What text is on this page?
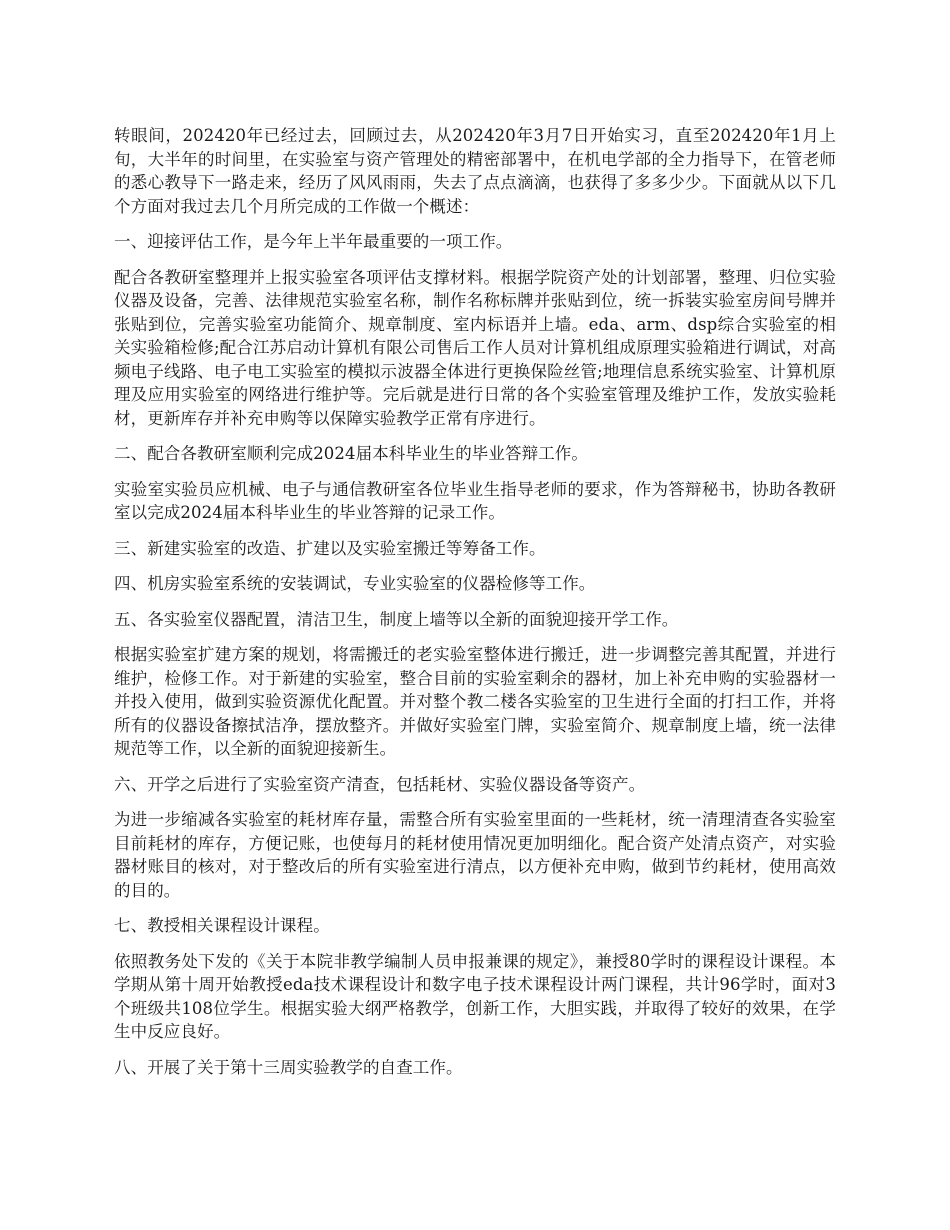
转眼间，202420年已经过去，回顾过去，从202420年3月7日开始实习，直至202420年1月上旬，大半年的时间里，在实验室与资产管理处的精密部署中，在机电学部的全力指导下，在管老师的悉心教导下一路走来，经历了风风雨雨，失去了点点滴滴，也获得了多多少少。下面就从以下几个方面对我过去几个月所完成的工作做一个概述：

一、迎接评估工作，是今年上半年最重要的一项工作。

配合各教研室整理并上报实验室各项评估支撑材料。根据学院资产处的计划部署，整理、归位实验仪器及设备，完善、法律规范实验室名称，制作名称标牌并张贴到位，统一拆装实验室房间号牌并张贴到位，完善实验室功能简介、规章制度、室内标语并上墙。eda、arm、dsp综合实验室的相关实验箱检修;配合江苏启动计算机有限公司售后工作人员对计算机组成原理实验箱进行调试，对高频电子线路、电子电工实验室的模拟示波器全体进行更换保险丝管;地理信息系统实验室、计算机原理及应用实验室的网络进行维护等。完后就是进行日常的各个实验室管理及维护工作，发放实验耗材，更新库存并补充申购等以保障实验教学正常有序进行。

二、配合各教研室顺利完成2024届本科毕业生的毕业答辩工作。

实验室实验员应机械、电子与通信教研室各位毕业生指导老师的要求，作为答辩秘书，协助各教研室以完成2024届本科毕业生的毕业答辩的记录工作。

三、新建实验室的改造、扩建以及实验室搬迁等筹备工作。

四、机房实验室系统的安装调试，专业实验室的仪器检修等工作。

五、各实验室仪器配置，清洁卫生，制度上墙等以全新的面貌迎接开学工作。

根据实验室扩建方案的规划，将需搬迁的老实验室整体进行搬迁，进一步调整完善其配置，并进行维护，检修工作。对于新建的实验室，整合目前的实验室剩余的器材，加上补充申购的实验器材一并投入使用，做到实验资源优化配置。并对整个教二楼各实验室的卫生进行全面的打扫工作，并将所有的仪器设备擦拭洁净，摆放整齐。并做好实验室门牌，实验室简介、规章制度上墙，统一法律规范等工作，以全新的面貌迎接新生。

六、开学之后进行了实验室资产清查，包括耗材、实验仪器设备等资产。

为进一步缩减各实验室的耗材库存量，需整合所有实验室里面的一些耗材，统一清理清查各实验室目前耗材的库存，方便记账，也使每月的耗材使用情况更加明细化。配合资产处清点资产，对实验器材账目的核对，对于整改后的所有实验室进行清点，以方便补充申购，做到节约耗材，使用高效的目的。

七、教授相关课程设计课程。

依照教务处下发的《关于本院非教学编制人员申报兼课的规定》，兼授80学时的课程设计课程。本学期从第十周开始教授eda技术课程设计和数字电子技术课程设计两门课程，共计96学时，面对3个班级共108位学生。根据实验大纲严格教学，创新工作，大胆实践，并取得了较好的效果，在学生中反应良好。

八、开展了关于第十三周实验教学的自查工作。
